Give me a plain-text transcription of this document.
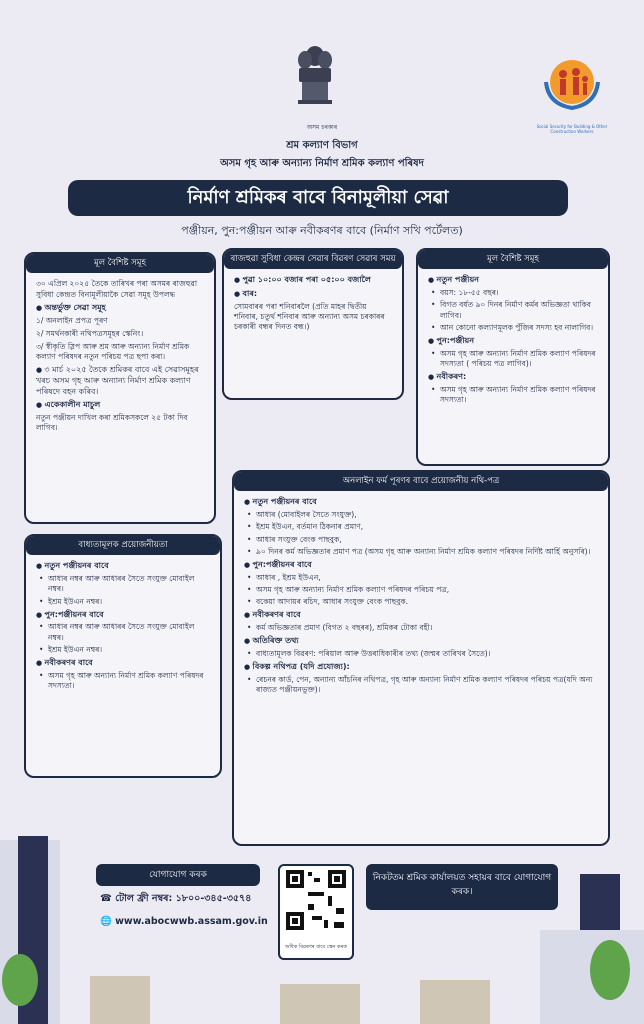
অসম চৰকাৰ	Social Security for Building & Other Construction Workers
শ্ৰম কল্যাণ বিভাগ
অসম গৃহ আৰু অন্যান্য নিৰ্মাণ শ্ৰমিক কল্যাণ পৰিষদ
নিৰ্মাণ শ্ৰমিকৰ বাবে বিনামূলীয়া সেৱা
পঞ্জীয়ন, পুন:পঞ্জীয়ন আৰু নবীকৰণৰ বাবে (নিৰ্মাণ সখি পৰ্টেলত)
মূল বৈশিষ্ট সমূহ

৩০ এপ্ৰিল ২০২৫ তৈকে তাৰিখৰ পৰা অসমৰ ৰাজহুৱা সুবিধা কেন্দ্ৰত বিনামূলীয়াকৈ সেৱা সমূহ উপলদ্ধ

● অন্তৰ্ভুক্ত সেৱা সমূহ

১/ অনলাইন প্ৰপত্ৰ পূৰণ

২/ সমৰ্থনকাৰী নথিপত্ৰসমূহৰ স্কেনিং।

৩/ স্বীকৃতি স্লিপ আৰু শ্ৰম আৰু অন্যান্য নিৰ্মাণ শ্ৰমিক কল্যাণ পৰিষদৰ নতুন পৰিচয় পত্ৰ ছপা কৰা।

● ৩ মাৰ্চ ২০২৫ তৈকে শ্ৰমিকৰ বাবে এই সেৱাসমূহৰ খৰচ অসম গৃহ আৰু অন্যান্য নিৰ্মাণ শ্ৰমিক কল্যাণ পৰিষদে বহন কৰিব।
● একেকালীন মাচুল

নতুন পঞ্জীয়ন দাখিল কৰা শ্ৰমিকসকলে ২৫ টকা দিব লাগিব।

ৰাজহুৱা সুবিধা কেন্দ্ৰৰ সেৱাৰ বিৱৰণ সেৱাৰ সময়
● পুৱা ১০:০০ বজাৰ পৰা ০৫:০০ বজালৈ
● বাৰ:

সোমবাৰৰ পৰা শনিবাৰলৈ (প্ৰতি মাহৰ দ্বিতীয় শনিবাৰ, চতুৰ্থ শনিবাৰ আৰু অন্যান্য অসম চৰকাৰৰ চৰকাৰী বন্ধৰ দিনত বন্ধ।)

মূল বৈশিষ্ট সমূহ
● নতুন পঞ্জীয়ন
• বয়স: ১৮-৫৫ বছৰ।
• বিগত বৰ্ষত ৯০ দিনৰ নিৰ্মাণ কৰ্মৰ অভিজ্ঞতা থাকিব লাগিব।
• আন কোনো কল্যাণমূলক পুঁজিৰ সদস্য হব নালাগিব।
● পুন:পঞ্জীয়ন
• অসম গৃহ আৰু অন্যান্য নিৰ্মাণ শ্ৰমিক কল্যাণ পৰিষদৰ সদস্যতা ( পৰিচয় পত্ৰ লাগিব)।
● নবীকৰণ:
• অসম গৃহ আৰু অন্যান্য নিৰ্মাণ শ্ৰমিক কল্যাণ পৰিষদৰ সদস্যতা।
বাধ্যতামূলক প্ৰয়োজনীয়তা
● নতুন পঞ্জীয়নৰ বাবে
• আধাৰ নম্বৰ আৰু আধাৰৰ সৈতে সংযুক্ত মোবাইল নম্বৰ।
• ইশ্ৰম ইউএন নম্বৰ।
● পুন:পঞ্জীয়নৰ বাবে
• আধাৰ নম্বৰ আৰু আধাৰৰ সৈতে সংযুক্ত মোবাইল নম্বৰ।
• ইশ্ৰম ইউএন নম্বৰ।
● নবীকৰণৰ বাবে
• অসম গৃহ আৰু অন্যান্য নিৰ্মাণ শ্ৰমিক কল্যাণ পৰিষদৰ সদস্যতা।
অনলাইন ফৰ্ম পূৰণৰ বাবে প্ৰয়োজনীয় নথি-পত্ৰ
● নতুন পঞ্জীয়নৰ বাবে
• আধাৰ (মোবাইলৰ সৈতে সংযুক্ত),
• ইশ্ৰম ইউএন, বৰ্তমান ঠিকনাৰ প্ৰমাণ,
• আধাৰ সংযুক্ত বেংক পাছবুক,
• ৯০ দিনৰ কৰ্ম অভিজ্ঞতাৰ প্ৰমাণ পত্ৰ (অসম গৃহ আৰু অন্যান্য নিৰ্মাণ শ্ৰমিক কল্যাণ পৰিষদৰ নিৰ্দিষ্ট আৰ্হি অনুসৰি)।
● পুন:পঞ্জীয়নৰ বাবে
• আধাৰ , ইশ্ৰম ইউএন,
• অসম গৃহ আৰু অন্যান্য নিৰ্মাণ শ্ৰমিক কল্যাণ পৰিষদৰ পৰিচয় পত্ৰ,
• বকেয়া আদায়ৰ ৰচিদ, আধাৰ সংযুক্ত বেংক পাছবুক.
● নবীকৰণৰ বাবে
• কৰ্ম অভিজ্ঞতাৰ প্ৰমাণ (বিগত ২ বছৰৰ), শ্ৰমিকৰ টোকা বহী।
● অতিৰিক্ত তথ্য
• বাধ্যতামূলক বিৱৰণ: পৰিয়াল আৰু উত্তৰাধিকাৰীৰ তথ্য (জন্মৰ তাৰিখৰ সৈতে)।
● বিকল্প নথিপত্ৰ (যদি প্ৰযোজ্য):
• ৰেচনৰ কাৰ্ড, পেন, অন্যান্য আঁচনিৰ নথিপত্ৰ, গৃহ আৰু অন্যান্য নিৰ্মাণ শ্ৰমিক কল্যাণ পৰিষদৰ পৰিচয় পত্ৰ(যদি অন্য ৰাজ্যত পঞ্জীয়নভুক্ত)।
যোগাযোগ কৰক
☎ টোল ফ্ৰী নম্বৰ: ১৮০০-৩৪৫-৩৫৭৪
🌐 www.abocwwb.assam.gov.in
অধিক বিৱৰণৰ বাবে স্কেন কৰক
নিকটতম শ্ৰমিক কাৰ্যালয়ত সহায়ৰ বাবে যোগাযোগ কৰক।
